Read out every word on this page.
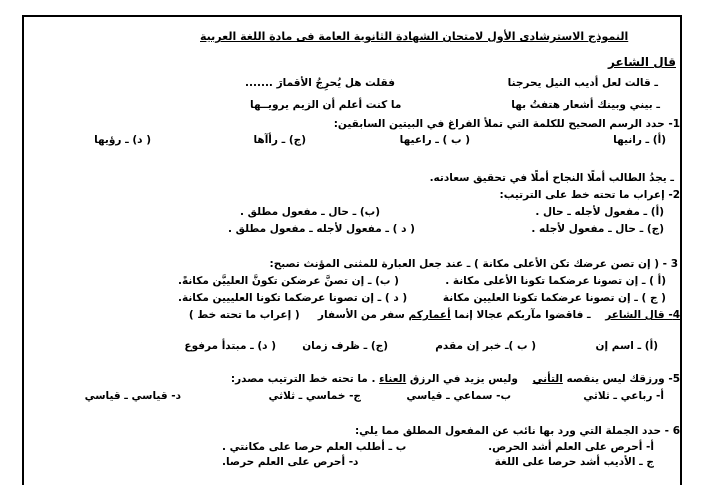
النموذج الاسترشادى الأول لامتحان الشهادة الثانوية العامة فى مادة اللغة العربية
قال الشاعر
ـ قالت لعل أديب النيل يحرجنا
فقلت هل يُحرِجُ الأقمارَ .......
ـ بيني وبينك أشعار هتفتُ بها
ما كنت أعلم أن الزيم يرويــها
1- حدد الرسم الصحيح للكلمة التي تملأ الفراغ في البيتين السابقين:
(أ) ـ رانيها
( ب ) ـ راعيها
(ج) ـ رأآها
( د) ـ رؤيها
ـ يجدُ الطالب أملًا النجاح أملًا في تحقيق سعادته.
2- إعراب ما تحته خط على الترتيب:
(أ) ـ مفعول لأجله ـ حال .
(ب) ـ حال ـ مفعول مطلق .
(ج) ـ حال ـ مفعول لأجله .
( د ) ـ مفعول لأجله ـ مفعول مطلق .
3 - ( إن تصن عرضك تكن الأعلى مكانة ) ـ عند جعل العبارة للمثنى المؤنث تصبح:
(أ ) ـ إن تصونا عرضكما تكونا الأعلى مكانة .
( ب) ـ إن تصنَّ عرضكن تكونَّ العلييَّن مكانةً.
( ج ) ـ إن تصونا عرضكما تكونا العليين مكانة
( د ) ـ إن تصونا عرضكما تكونا العلييين مكانة.
4- قال الشاعر    ـ فاقضوا مآربكم عجالا إنما أعماركم سفر من الأسفار     ( إعراب ما تحته خط )
(أ) ـ اسم إن
( ب )ـ خبر إن مقدم
(ج) ـ ظرف زمان
( د) ـ مبتدأ مرفوع
5- ورزقك ليس ينقصه التأني    وليس يزيد في الرزق العناء . ما تحته خط الترتيب مصدر:
أ- رباعي ـ ثلاثي
ب- سماعي ـ قياسي
ج- خماسي ـ ثلاثي
د- قياسي ـ قياسي
6 - حدد الجملة التي ورد بها نائب عن المفعول المطلق مما يلي:
أ- أحرص على العلم أشد الحرص.
ب ـ أطلب العلم حرصا على مكانتي .
ج ـ الأديب أشد حرصا على اللغة
د- أحرص على العلم حرصا.
